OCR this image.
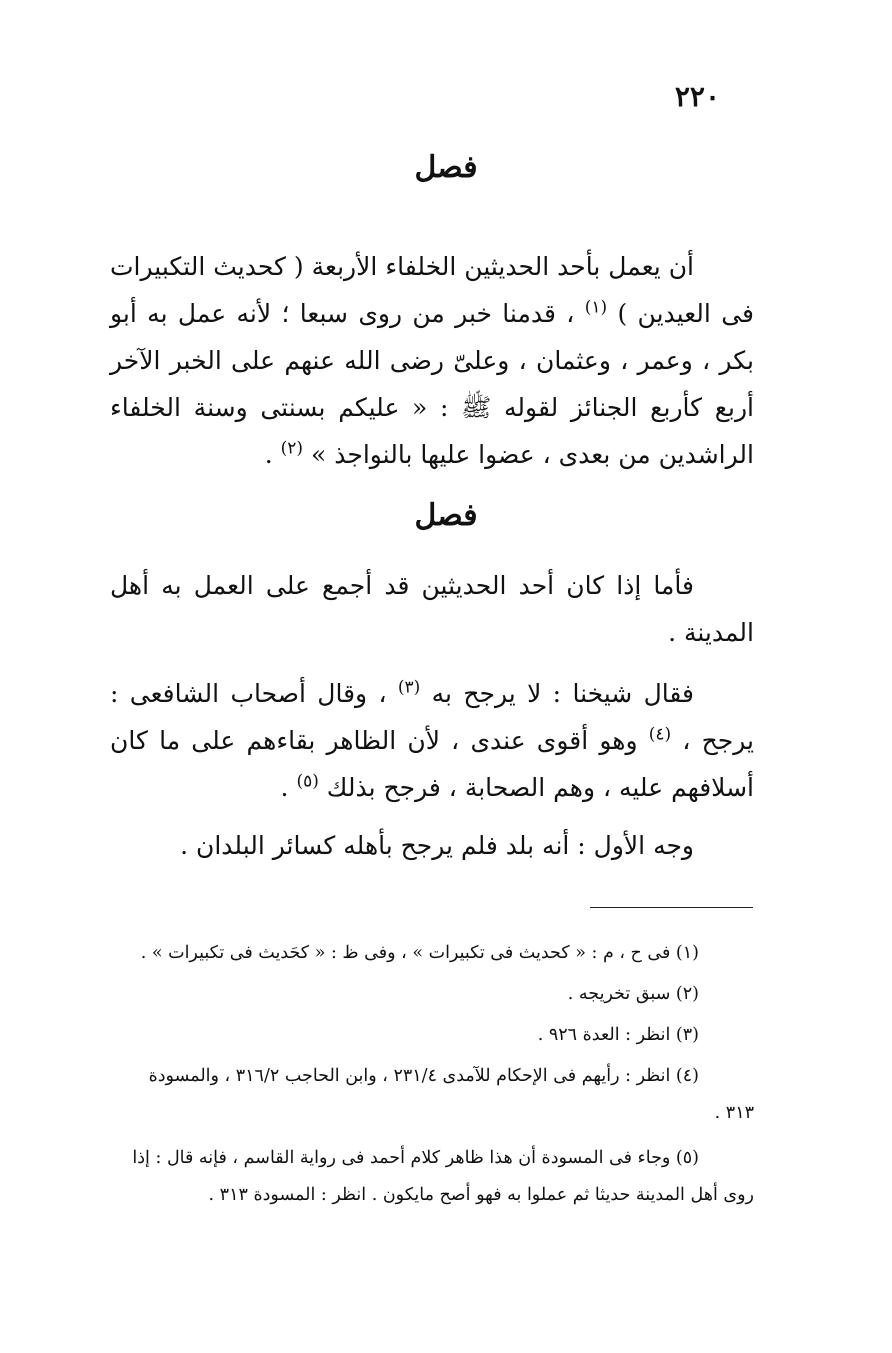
٢٢٠
فصل
أن يعمل بأحد الحديثين الخلفاء الأربعة ( كحديث التكبيرات فى العيدين ) $^{(١)}$ ، قدمنا خبر من روى سبعا ؛ لأنه عمل به أبو بكر ، وعمر ، وعثمان ، وعلىّ رضى الله عنهم على الخبر الآخر أربع كأربع الجنائز لقوله ﷺ : « عليكم بسنتى وسنة الخلفاء الراشدين من بعدى ، عضوا عليها بالنواجذ » $^{(٢)}$ .
فصل
فأما إذا كان أحد الحديثين قد أجمع على العمل به أهل المدينة .
فقال شيخنا : لا يرجح به $^{(٣)}$ ، وقال أصحاب الشافعى : يرجح ، $^{(٤)}$ وهو أقوى عندى ، لأن الظاهر بقاءهم على ما كان أسلافهم عليه ، وهم الصحابة ، فرجح بذلك $^{(٥)}$ .
وجه الأول : أنه بلد فلم يرجح بأهله كسائر البلدان .

(١) فى ح ، م : « كحديث فى تكبيرات » ، وفى ظ : « كحَديث فى تكبيرات » .

(٢) سبق تخريجه .

(٣) انظر : العدة ٩٢٦ .

(٤) انظر : رأيهم فى الإحكام للآمدى ٢٣١/٤ ، وابن الحاجب ٣١٦/٢ ، والمسودة ٣١٣ .

(٥) وجاء فى المسودة أن هذا ظاهر كلام أحمد فى رواية القاسم ، فإنه قال : إذا روى أهل المدينة حديثا ثم عملوا به فهو أصح مايكون . انظر : المسودة ٣١٣ .
